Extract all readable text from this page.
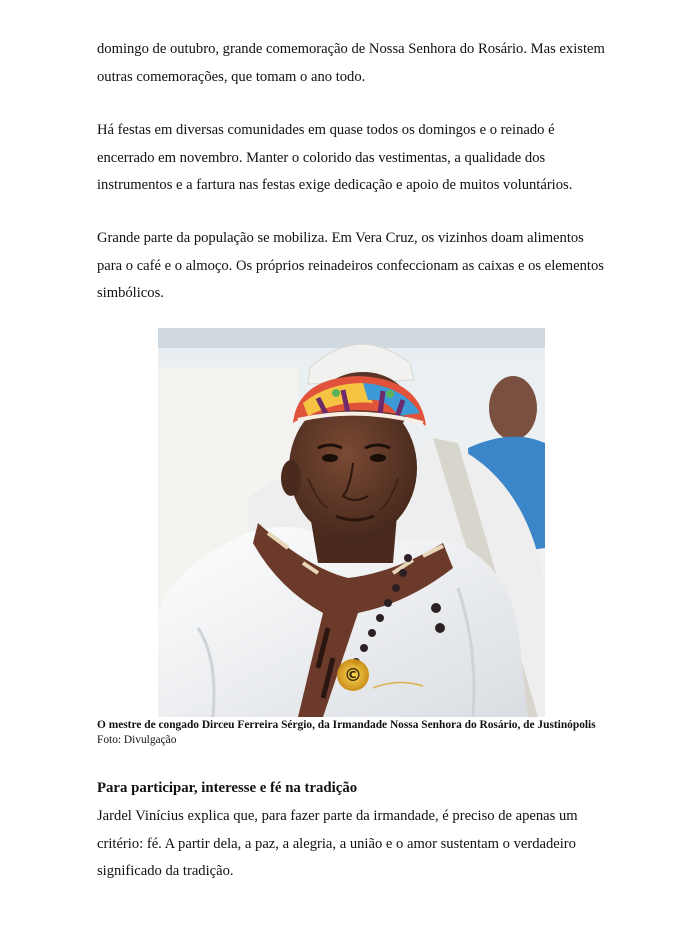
domingo de outubro, grande comemoração de Nossa Senhora do Rosário. Mas existem
outras comemorações, que tomam o ano todo.

Há festas em diversas comunidades em quase todos os domingos e o reinado é
encerrado em novembro. Manter o colorido das vestimentas, a qualidade dos
instrumentos e a fartura nas festas exige dedicação e apoio de muitos voluntários.

Grande parte da população se mobiliza. Em Vera Cruz, os vizinhos doam alimentos
para o café e o almoço. Os próprios reinadeiros confeccionam as caixas e os elementos
simbólicos.

©
O mestre de congado Dirceu Ferreira Sérgio, da Irmandade Nossa Senhora do Rosário, de Justinópolis
Foto: Divulgação
Para participar, interesse e fé na tradição

Jardel Vinícius explica que, para fazer parte da irmandade, é preciso de apenas um
critério: fé. A partir dela, a paz, a alegria, a união e o amor sustentam o verdadeiro
significado da tradição.
